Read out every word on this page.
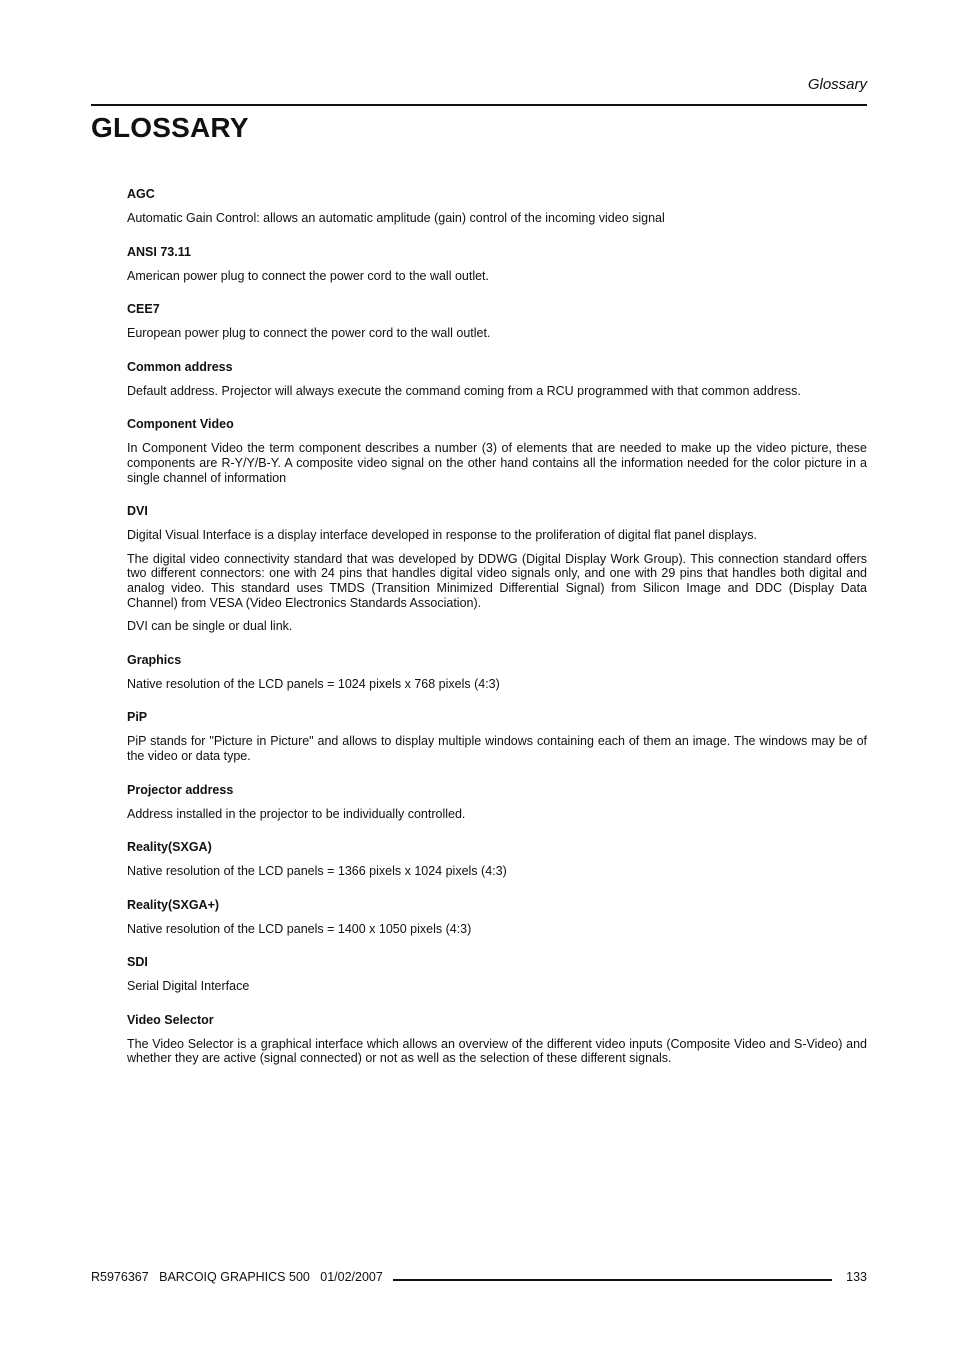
Glossary
GLOSSARY
AGC
Automatic Gain Control: allows an automatic amplitude (gain) control of the incoming video signal
ANSI 73.11
American power plug to connect the power cord to the wall outlet.
CEE7
European power plug to connect the power cord to the wall outlet.
Common address
Default address. Projector will always execute the command coming from a RCU programmed with that common address.
Component Video
In Component Video the term component describes a number (3) of elements that are needed to make up the video picture, these components are R-Y/Y/B-Y. A composite video signal on the other hand contains all the information needed for the color picture in a single channel of information
DVI
Digital Visual Interface is a display interface developed in response to the proliferation of digital flat panel displays.
The digital video connectivity standard that was developed by DDWG (Digital Display Work Group). This connection standard offers two different connectors: one with 24 pins that handles digital video signals only, and one with 29 pins that handles both digital and analog video. This standard uses TMDS (Transition Minimized Differential Signal) from Silicon Image and DDC (Display Data Channel) from VESA (Video Electronics Standards Association).
DVI can be single or dual link.
Graphics
Native resolution of the LCD panels = 1024 pixels x 768 pixels (4:3)
PiP
PiP stands for "Picture in Picture" and allows to display multiple windows containing each of them an image. The windows may be of the video or data type.
Projector address
Address installed in the projector to be individually controlled.
Reality(SXGA)
Native resolution of the LCD panels = 1366 pixels x 1024 pixels (4:3)
Reality(SXGA+)
Native resolution of the LCD panels = 1400 x 1050 pixels (4:3)
SDI
Serial Digital Interface
Video Selector
The Video Selector is a graphical interface which allows an overview of the different video inputs (Composite Video and S-Video) and whether they are active (signal connected) or not as well as the selection of these different signals.
R5976367   BARCOIQ GRAPHICS 500   01/02/2007	133
